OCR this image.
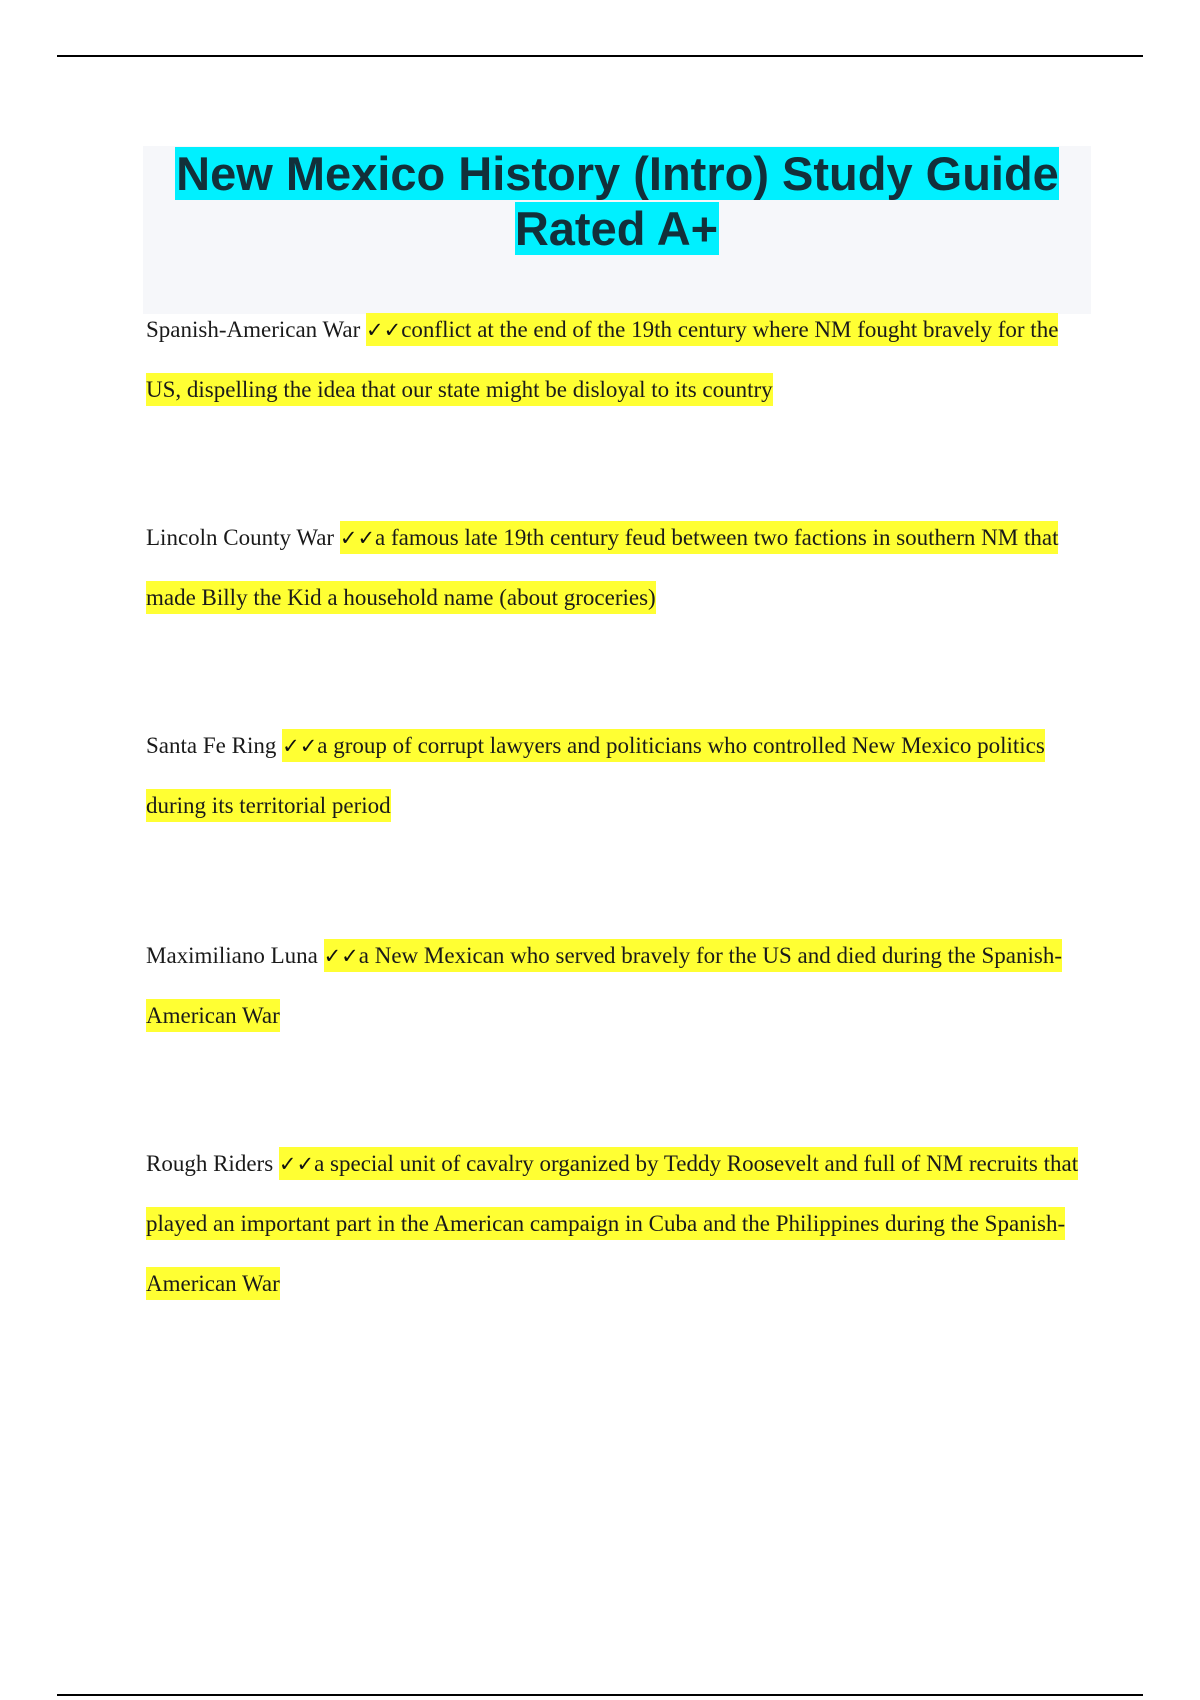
New Mexico History (Intro) Study Guide Rated A+

Spanish-American War ✓✓conflict at the end of the 19th century where NM fought bravely for the US, dispelling the idea that our state might be disloyal to its country

Lincoln County War ✓✓a famous late 19th century feud between two factions in southern NM that made Billy the Kid a household name (about groceries)

Santa Fe Ring ✓✓a group of corrupt lawyers and politicians who controlled New Mexico politics during its territorial period

Maximiliano Luna ✓✓a New Mexican who served bravely for the US and died during the Spanish-American War

Rough Riders ✓✓a special unit of cavalry organized by Teddy Roosevelt and full of NM recruits that played an important part in the American campaign in Cuba and the Philippines during the Spanish-American War
